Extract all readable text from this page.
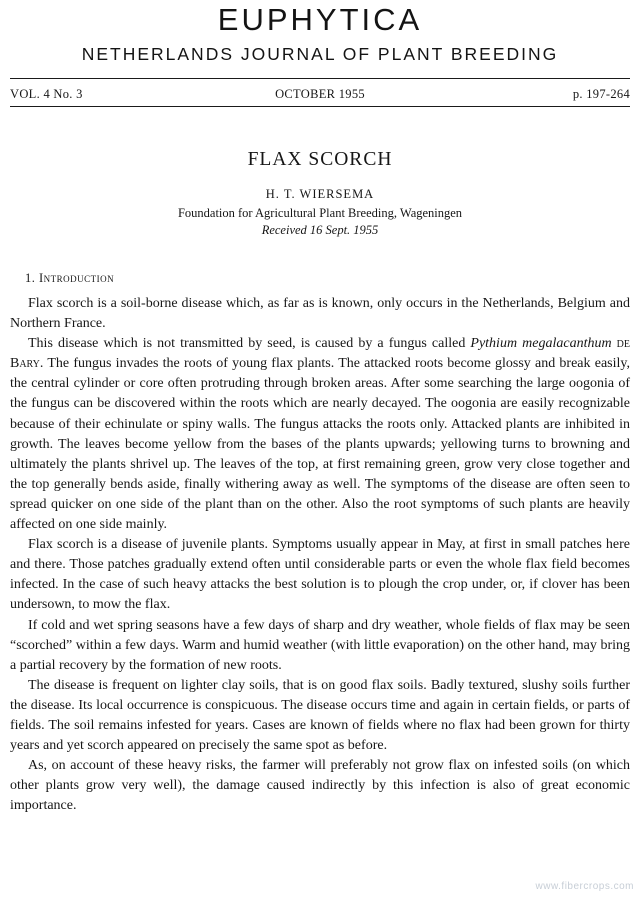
EUPHYTICA
NETHERLANDS JOURNAL OF PLANT BREEDING
VOL. 4 No. 3	OCTOBER 1955	p. 197-264
FLAX SCORCH
H. T. WIERSEMA
Foundation for Agricultural Plant Breeding, Wageningen
Received 16 Sept. 1955
1. Introduction

Flax scorch is a soil-borne disease which, as far as is known, only occurs in the Netherlands, Belgium and Northern France.

This disease which is not transmitted by seed, is caused by a fungus called Pythium megalacanthum de Bary. The fungus invades the roots of young flax plants. The attacked roots become glossy and break easily, the central cylinder or core often protruding through broken areas. After some searching the large oogonia of the fungus can be discovered within the roots which are nearly decayed. The oogonia are easily recognizable because of their echinulate or spiny walls. The fungus attacks the roots only. Attacked plants are inhibited in growth. The leaves become yellow from the bases of the plants upwards; yellowing turns to browning and ultimately the plants shrivel up. The leaves of the top, at first remaining green, grow very close together and the top generally bends aside, finally withering away as well. The symptoms of the disease are often seen to spread quicker on one side of the plant than on the other. Also the root symptoms of such plants are heavily affected on one side mainly.

Flax scorch is a disease of juvenile plants. Symptoms usually appear in May, at first in small patches here and there. Those patches gradually extend often until considerable parts or even the whole flax field becomes infected. In the case of such heavy attacks the best solution is to plough the crop under, or, if clover has been undersown, to mow the flax.

If cold and wet spring seasons have a few days of sharp and dry weather, whole fields of flax may be seen “scorched” within a few days. Warm and humid weather (with little evaporation) on the other hand, may bring a partial recovery by the formation of new roots.

The disease is frequent on lighter clay soils, that is on good flax soils. Badly textured, slushy soils further the disease. Its local occurrence is conspicuous. The disease occurs time and again in certain fields, or parts of fields. The soil remains infested for years. Cases are known of fields where no flax had been grown for thirty years and yet scorch appeared on precisely the same spot as before.

As, on account of these heavy risks, the farmer will preferably not grow flax on infested soils (on which other plants grow very well), the damage caused indirectly by this infection is also of great economic importance.

www.fibercrops.com
